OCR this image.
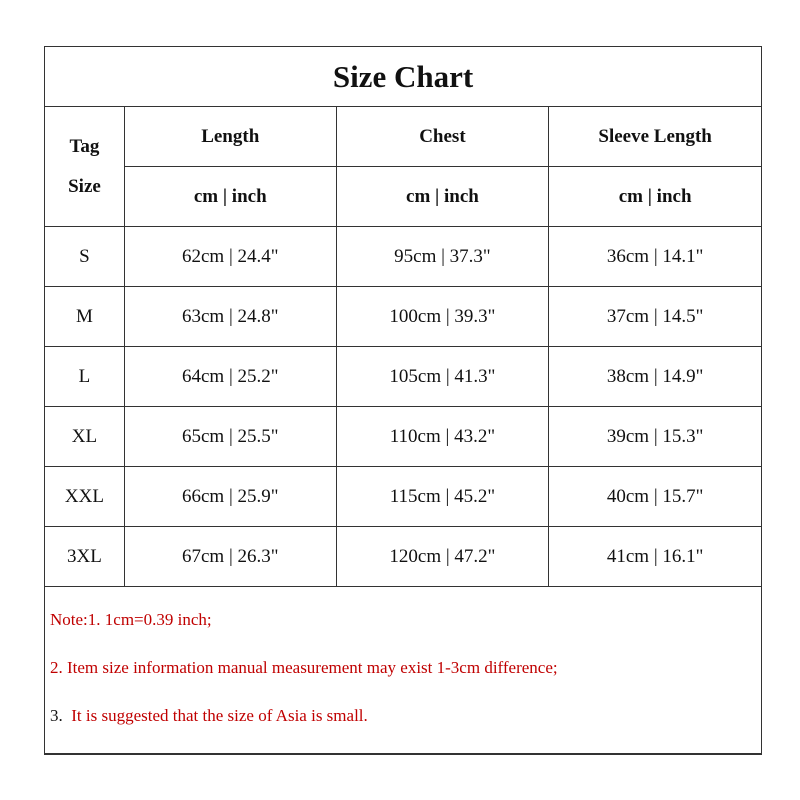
Size Chart			

Tag
Size	Length	Chest	Sleeve Length
	cm | inch	cm | inch	cm | inch
S	62cm | 24.4"	95cm | 37.3"	36cm | 14.1"
M	63cm | 24.8"	100cm | 39.3"	37cm | 14.5"
L	64cm | 25.2"	105cm | 41.3"	38cm | 14.9"
XL	65cm | 25.5"	110cm | 43.2"	39cm | 15.3"
XXL	66cm | 25.9"	115cm | 45.2"	40cm | 15.7"
3XL	67cm | 26.3"	120cm | 47.2"	41cm | 16.1"
Note:1. 1cm=0.39 inch;
2. Item size information manual measurement may exist 1-3cm difference;
3. It is suggested that the size of Asia is small.
